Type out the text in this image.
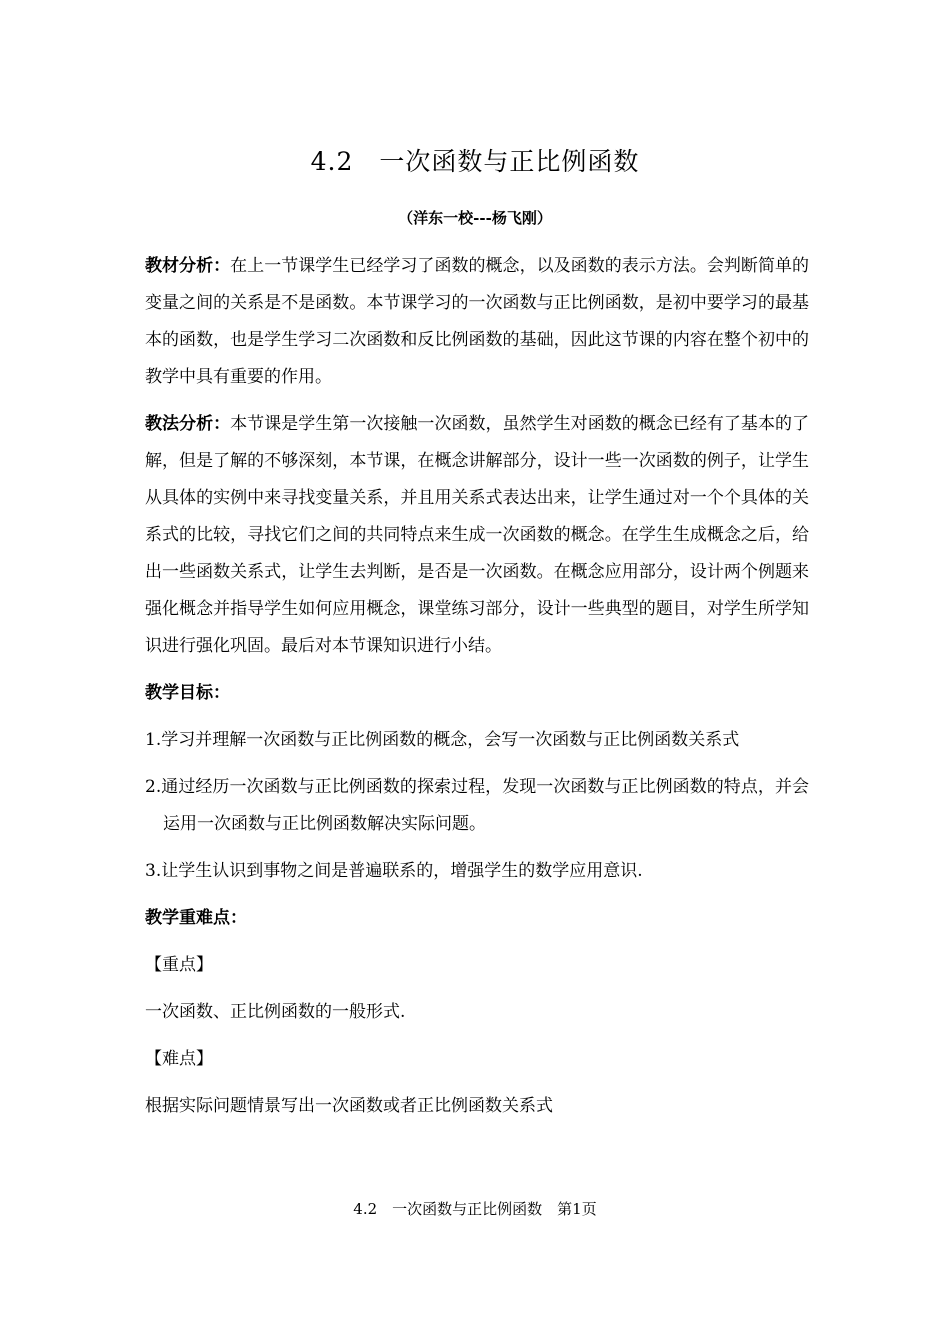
4.2　一次函数与正比例函数
（洋东一校---杨飞刚）

教材分析：在上一节课学生已经学习了函数的概念，以及函数的表示方法。会判断简单的变量之间的关系是不是函数。本节课学习的一次函数与正比例函数，是初中要学习的最基本的函数，也是学生学习二次函数和反比例函数的基础，因此这节课的内容在整个初中的教学中具有重要的作用。

教法分析：本节课是学生第一次接触一次函数，虽然学生对函数的概念已经有了基本的了解，但是了解的不够深刻，本节课，在概念讲解部分，设计一些一次函数的例子，让学生从具体的实例中来寻找变量关系，并且用关系式表达出来，让学生通过对一个个具体的关系式的比较，寻找它们之间的共同特点来生成一次函数的概念。在学生生成概念之后，给出一些函数关系式，让学生去判断，是否是一次函数。在概念应用部分，设计两个例题来强化概念并指导学生如何应用概念，课堂练习部分，设计一些典型的题目，对学生所学知识进行强化巩固。最后对本节课知识进行小结。

教学目标：
1.学习并理解一次函数与正比例函数的概念，会写一次函数与正比例函数关系式
2.通过经历一次函数与正比例函数的探索过程，发现一次函数与正比例函数的特点，并会运用一次函数与正比例函数解决实际问题。
3.让学生认识到事物之间是普遍联系的，增强学生的数学应用意识.
教学重难点：
【重点】
一次函数、正比例函数的一般形式.
【难点】
根据实际问题情景写出一次函数或者正比例函数关系式
4.2　一次函数与正比例函数　第1页
